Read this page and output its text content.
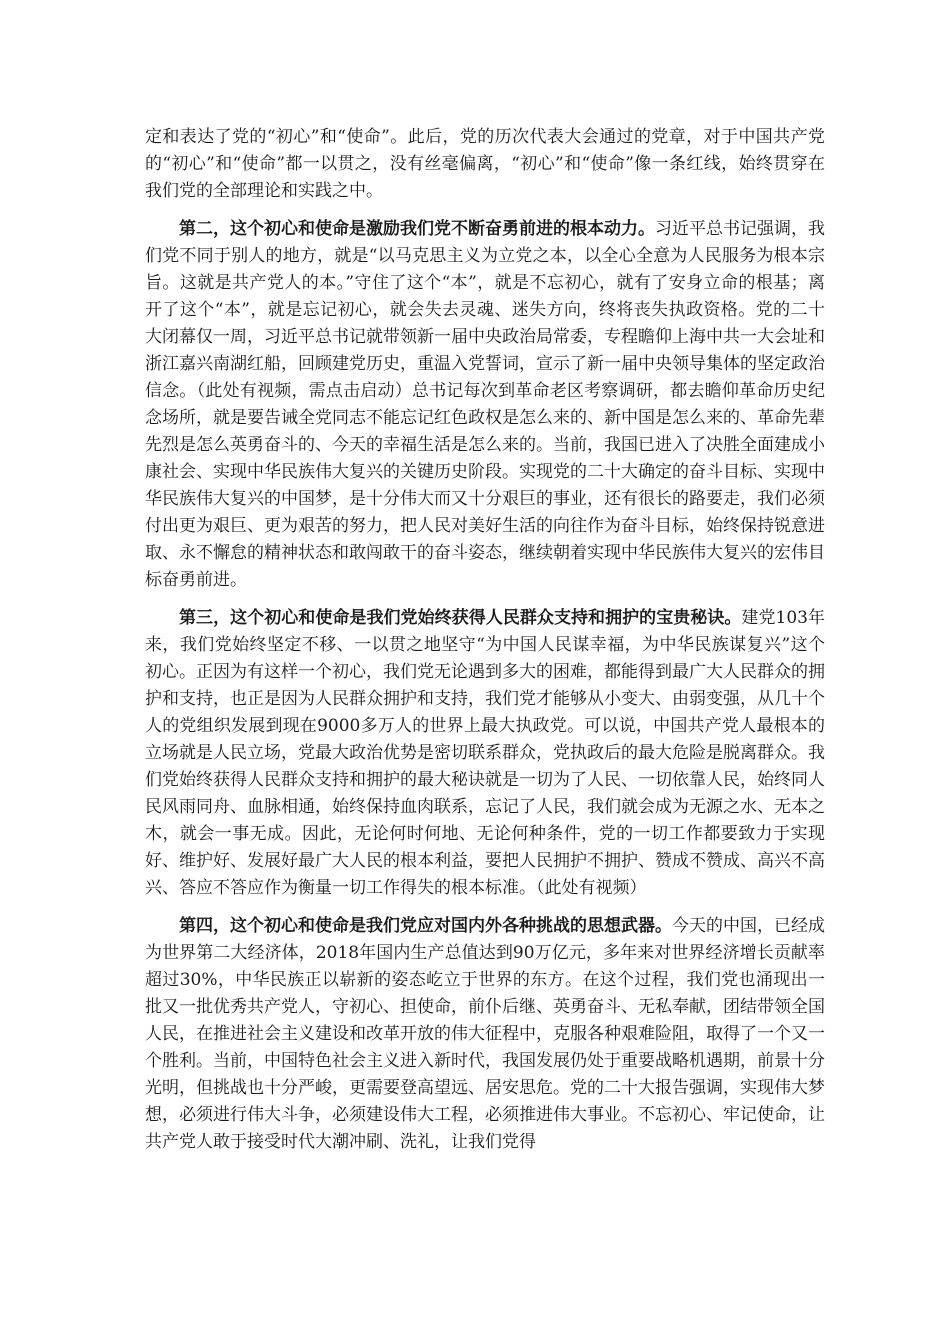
定和表达了党的“初心”和“使命”。此后，党的历次代表大会通过的党章，对于中国共产党的“初心”和“使命”都一以贯之，没有丝毫偏离，“初心”和“使命”像一条红线，始终贯穿在我们党的全部理论和实践之中。

第二，这个初心和使命是激励我们党不断奋勇前进的根本动力。习近平总书记强调，我们党不同于别人的地方，就是“以马克思主义为立党之本，以全心全意为人民服务为根本宗旨。这就是共产党人的本。”守住了这个“本”，就是不忘初心，就有了安身立命的根基；离开了这个“本”，就是忘记初心，就会失去灵魂、迷失方向，终将丧失执政资格。党的二十大闭幕仅一周，习近平总书记就带领新一届中央政治局常委，专程瞻仰上海中共一大会址和浙江嘉兴南湖红船，回顾建党历史，重温入党誓词，宣示了新一届中央领导集体的坚定政治信念。（此处有视频，需点击启动）总书记每次到革命老区考察调研，都去瞻仰革命历史纪念场所，就是要告诫全党同志不能忘记红色政权是怎么来的、新中国是怎么来的、革命先辈先烈是怎么英勇奋斗的、今天的幸福生活是怎么来的。当前，我国已进入了决胜全面建成小康社会、实现中华民族伟大复兴的关键历史阶段。实现党的二十大确定的奋斗目标、实现中华民族伟大复兴的中国梦，是十分伟大而又十分艰巨的事业，还有很长的路要走，我们必须付出更为艰巨、更为艰苦的努力，把人民对美好生活的向往作为奋斗目标，始终保持锐意进取、永不懈怠的精神状态和敢闯敢干的奋斗姿态，继续朝着实现中华民族伟大复兴的宏伟目标奋勇前进。

第三，这个初心和使命是我们党始终获得人民群众支持和拥护的宝贵秘诀。建党103年来，我们党始终坚定不移、一以贯之地坚守“为中国人民谋幸福，为中华民族谋复兴”这个初心。正因为有这样一个初心，我们党无论遇到多大的困难，都能得到最广大人民群众的拥护和支持，也正是因为人民群众拥护和支持，我们党才能够从小变大、由弱变强，从几十个人的党组织发展到现在9000多万人的世界上最大执政党。可以说，中国共产党人最根本的立场就是人民立场，党最大政治优势是密切联系群众，党执政后的最大危险是脱离群众。我们党始终获得人民群众支持和拥护的最大秘诀就是一切为了人民、一切依靠人民，始终同人民风雨同舟、血脉相通，始终保持血肉联系，忘记了人民，我们就会成为无源之水、无本之木，就会一事无成。因此，无论何时何地、无论何种条件，党的一切工作都要致力于实现好、维护好、发展好最广大人民的根本利益，要把人民拥护不拥护、赞成不赞成、高兴不高兴、答应不答应作为衡量一切工作得失的根本标准。（此处有视频）

第四，这个初心和使命是我们党应对国内外各种挑战的思想武器。今天的中国，已经成为世界第二大经济体，2018年国内生产总值达到90万亿元，多年来对世界经济增长贡献率超过30%，中华民族正以崭新的姿态屹立于世界的东方。在这个过程，我们党也涌现出一批又一批优秀共产党人，守初心、担使命，前仆后继、英勇奋斗、无私奉献，团结带领全国人民，在推进社会主义建设和改革开放的伟大征程中，克服各种艰难险阻，取得了一个又一个胜利。当前，中国特色社会主义进入新时代，我国发展仍处于重要战略机遇期，前景十分光明，但挑战也十分严峻，更需要登高望远、居安思危。党的二十大报告强调，实现伟大梦想，必须进行伟大斗争，必须建设伟大工程，必须推进伟大事业。不忘初心、牢记使命，让共产党人敢于接受时代大潮冲刷、洗礼，让我们党得
